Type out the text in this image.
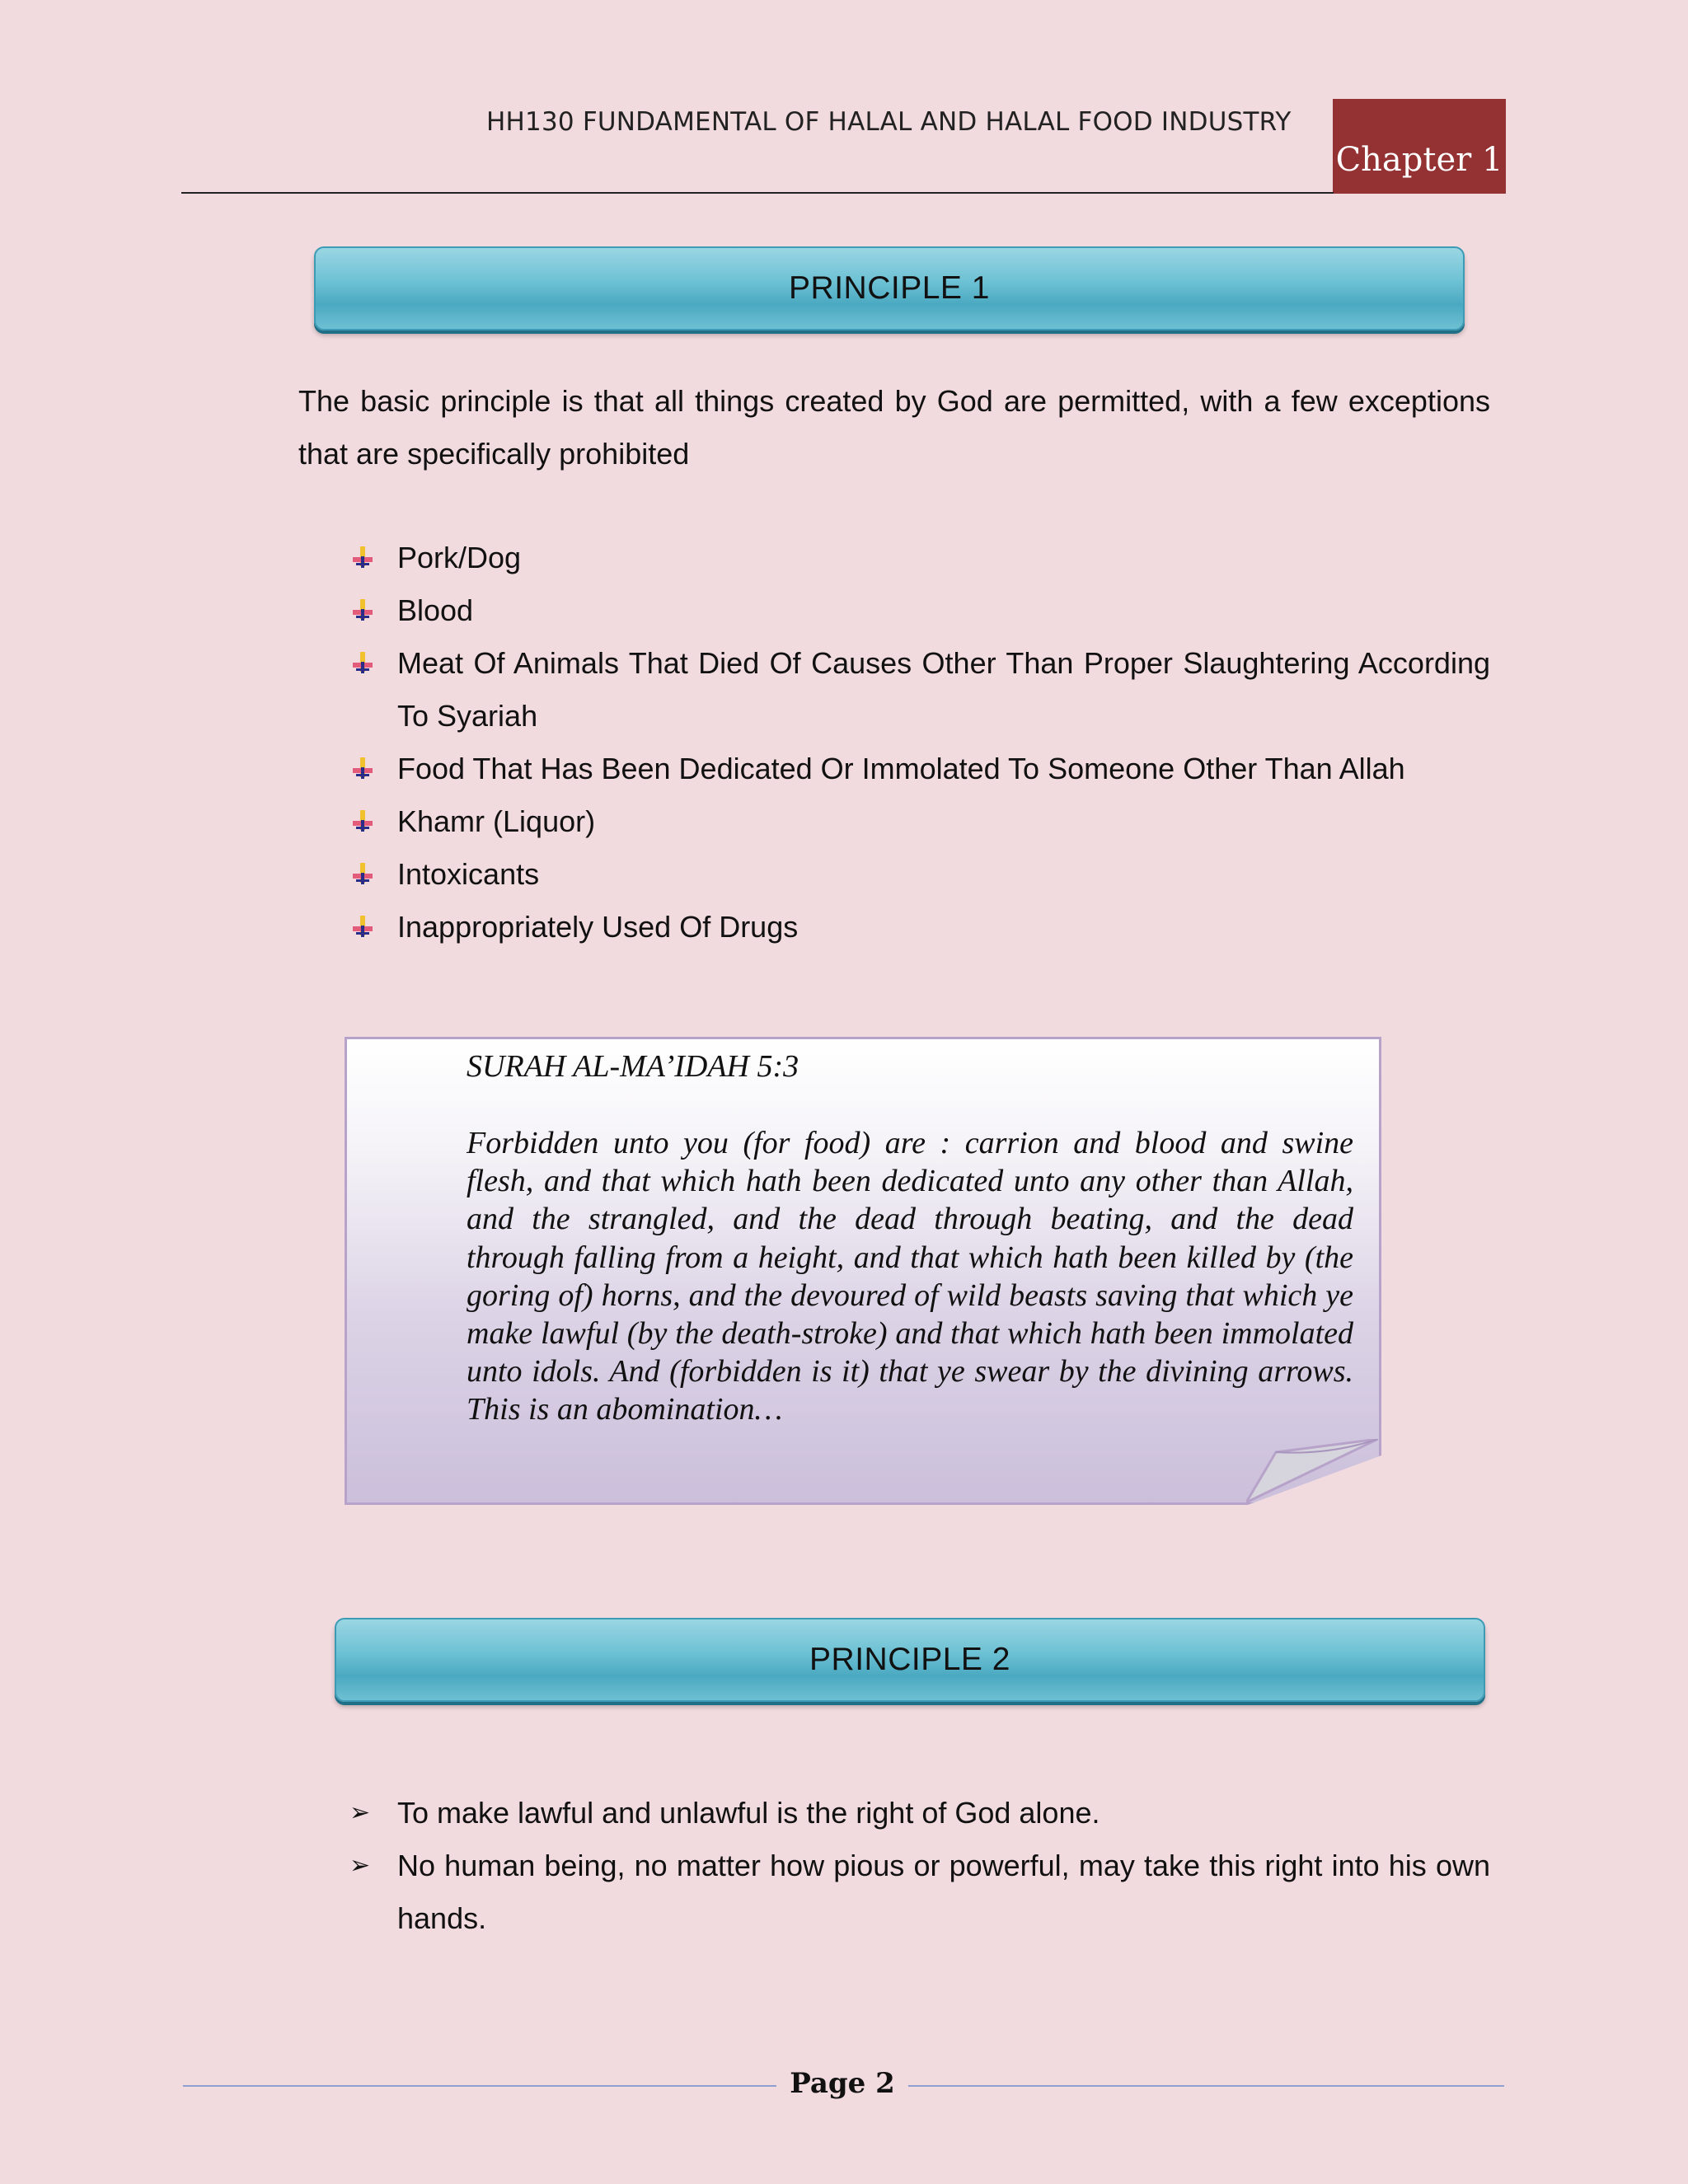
HH130 FUNDAMENTAL OF HALAL AND HALAL FOOD INDUSTRY
Chapter 1
PRINCIPLE 1
The basic principle is that all things created by God are permitted, with a few exceptions that are specifically prohibited
Pork/Dog
Blood
Meat Of Animals That Died Of Causes Other Than Proper Slaughtering According To Syariah
Food That Has Been Dedicated Or Immolated To Someone Other Than Allah
Khamr (Liquor)
Intoxicants
Inappropriately Used Of Drugs
SURAH AL-MA’IDAH 5:3
Forbidden unto you (for food) are : carrion and blood and swine flesh, and that which hath been dedicated unto any other than Allah, and the strangled, and the dead through beating, and the dead through falling from a height, and that which hath been killed by (the goring of) horns, and the devoured of wild beasts saving that which ye make lawful (by the death-stroke) and that which hath been immolated unto idols. And (forbidden is it) that ye swear by the divining arrows. This is an abomination…
PRINCIPLE 2
➢ To make lawful and unlawful is the right of God alone.
➢ No human being, no matter how pious or powerful, may take this right into his own hands.
Page 2
